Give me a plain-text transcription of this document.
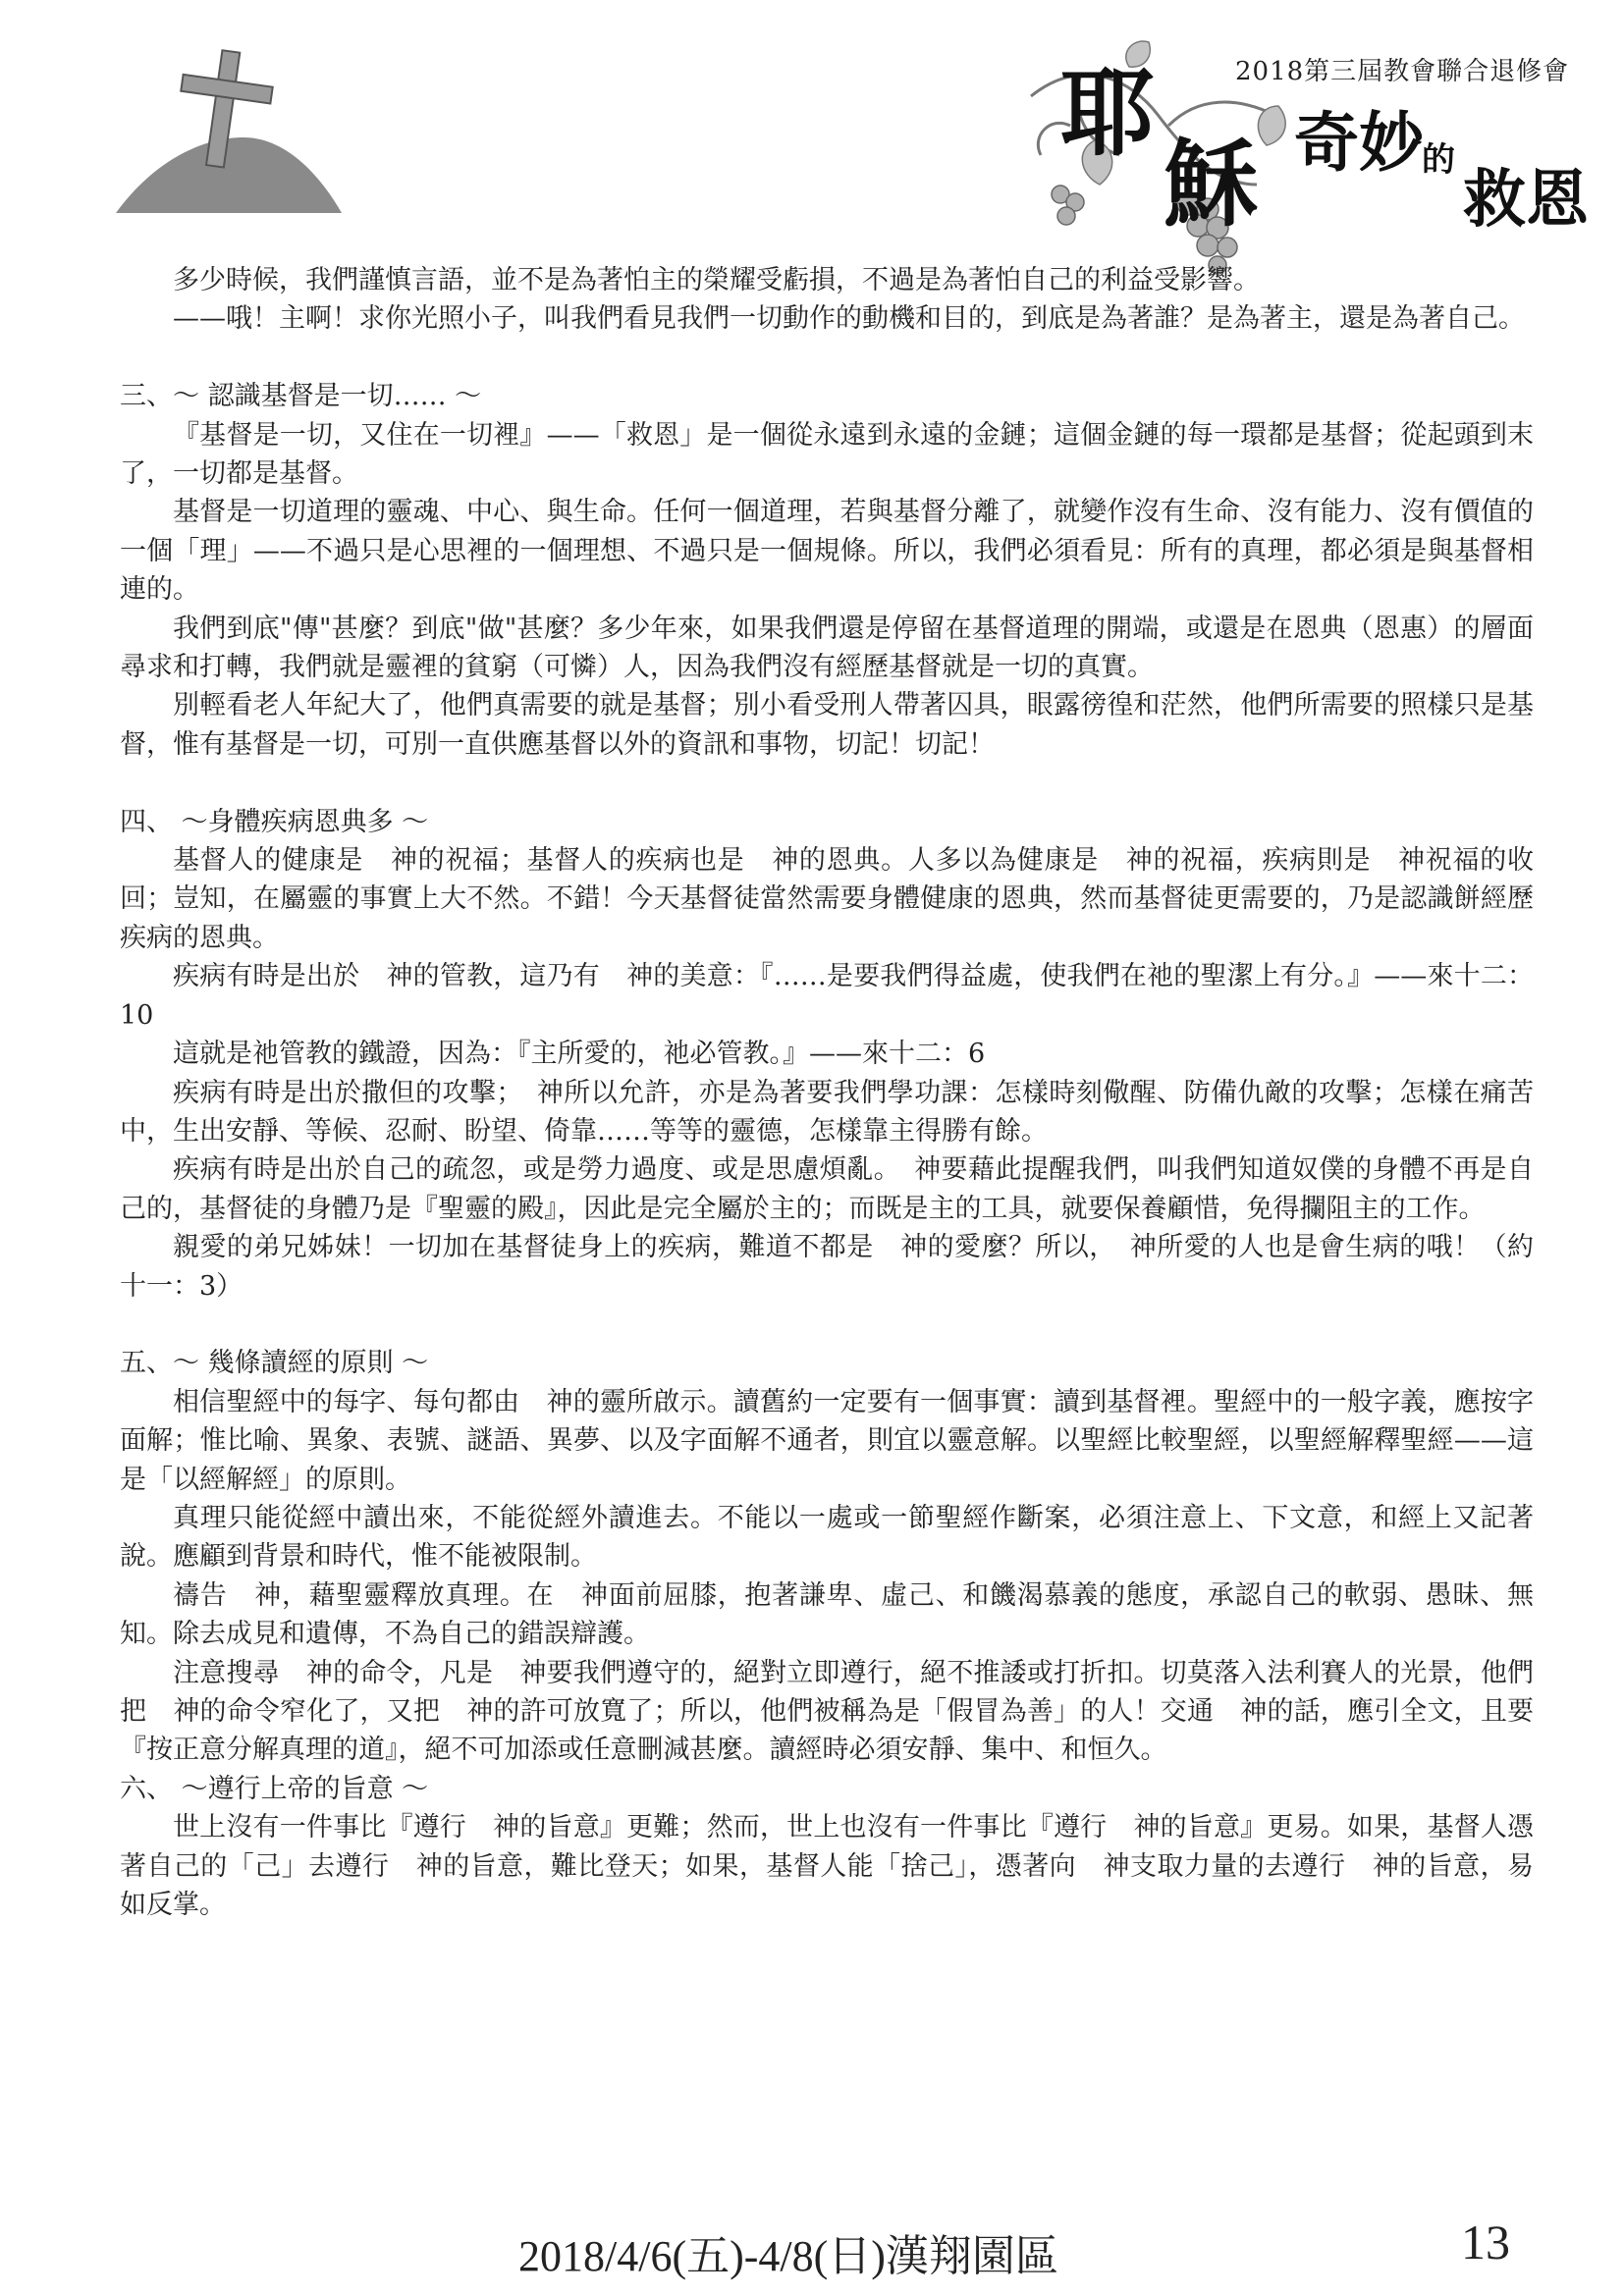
2018第三屆教會聯合退修會
耶
穌 奇妙
的
救恩

多少時候，我們謹慎言語，並不是為著怕主的榮耀受虧損，不過是為著怕自己的利益受影響。

——哦！主啊！求你光照小子，叫我們看見我們一切動作的動機和目的，到底是為著誰？是為著主，還是為著自己。

三、～ 認識基督是一切…… ～

『基督是一切，又住在一切裡』——「救恩」是一個從永遠到永遠的金鏈；這個金鏈的每一環都是基督；從起頭到末了，一切都是基督。

基督是一切道理的靈魂、中心、與生命。任何一個道理，若與基督分離了，就變作沒有生命、沒有能力、沒有價值的一個「理」——不過只是心思裡的一個理想、不過只是一個規條。所以，我們必須看見：所有的真理，都必須是與基督相連的。

我們到底"傳"甚麼？到底"做"甚麼？多少年來，如果我們還是停留在基督道理的開端，或還是在恩典（恩惠）的層面尋求和打轉，我們就是靈裡的貧窮（可憐）人，因為我們沒有經歷基督就是一切的真實。

別輕看老人年紀大了，他們真需要的就是基督；別小看受刑人帶著囚具，眼露徬徨和茫然，他們所需要的照樣只是基督，惟有基督是一切，可別一直供應基督以外的資訊和事物，切記！切記！

四、 ～身體疾病恩典多 ～

基督人的健康是　神的祝福；基督人的疾病也是　神的恩典。人多以為健康是　神的祝福，疾病則是　神祝福的收回；豈知，在屬靈的事實上大不然。不錯！今天基督徒當然需要身體健康的恩典，然而基督徒更需要的，乃是認識餅經歷疾病的恩典。

疾病有時是出於　神的管教，這乃有　神的美意：『……是要我們得益處，使我們在祂的聖潔上有分。』——來十二：10

這就是祂管教的鐵證，因為：『主所愛的，祂必管教。』——來十二：6

疾病有時是出於撒但的攻擊；　神所以允許，亦是為著要我們學功課：怎樣時刻儆醒、防備仇敵的攻擊；怎樣在痛苦中，生出安靜、等候、忍耐、盼望、倚靠……等等的靈德，怎樣靠主得勝有餘。

疾病有時是出於自己的疏忽，或是勞力過度、或是思慮煩亂。　神要藉此提醒我們，叫我們知道奴僕的身體不再是自己的，基督徒的身體乃是『聖靈的殿』，因此是完全屬於主的；而既是主的工具，就要保養顧惜，免得攔阻主的工作。

親愛的弟兄姊妹！一切加在基督徒身上的疾病，難道不都是　神的愛麼？所以，　神所愛的人也是會生病的哦！（約十一：3）

五、～ 幾條讀經的原則 ～

相信聖經中的每字、每句都由　神的靈所啟示。讀舊約一定要有一個事實：讀到基督裡。聖經中的一般字義，應按字面解；惟比喻、異象、表號、謎語、異夢、以及字面解不通者，則宜以靈意解。以聖經比較聖經，以聖經解釋聖經——這是「以經解經」的原則。

真理只能從經中讀出來，不能從經外讀進去。不能以一處或一節聖經作斷案，必須注意上、下文意，和經上又記著說。應顧到背景和時代，惟不能被限制。

禱告　神，藉聖靈釋放真理。在　神面前屈膝，抱著謙卑、虛己、和饑渴慕義的態度，承認自己的軟弱、愚昧、無知。除去成見和遺傳，不為自己的錯誤辯護。

注意搜尋　神的命令，凡是　神要我們遵守的，絕對立即遵行，絕不推諉或打折扣。切莫落入法利賽人的光景，他們把　神的命令窄化了，又把　神的許可放寬了；所以，他們被稱為是「假冒為善」的人！交通　神的話，應引全文，且要『按正意分解真理的道』，絕不可加添或任意刪減甚麼。讀經時必須安靜、集中、和恒久。

六、 ～遵行上帝的旨意 ～

世上沒有一件事比『遵行　神的旨意』更難；然而，世上也沒有一件事比『遵行　神的旨意』更易。如果，基督人憑著自己的「己」去遵行　神的旨意，難比登天；如果，基督人能「捨己」，憑著向　神支取力量的去遵行　神的旨意，易如反掌。

2018/4/6(五)-4/8(日)漢翔園區	13
